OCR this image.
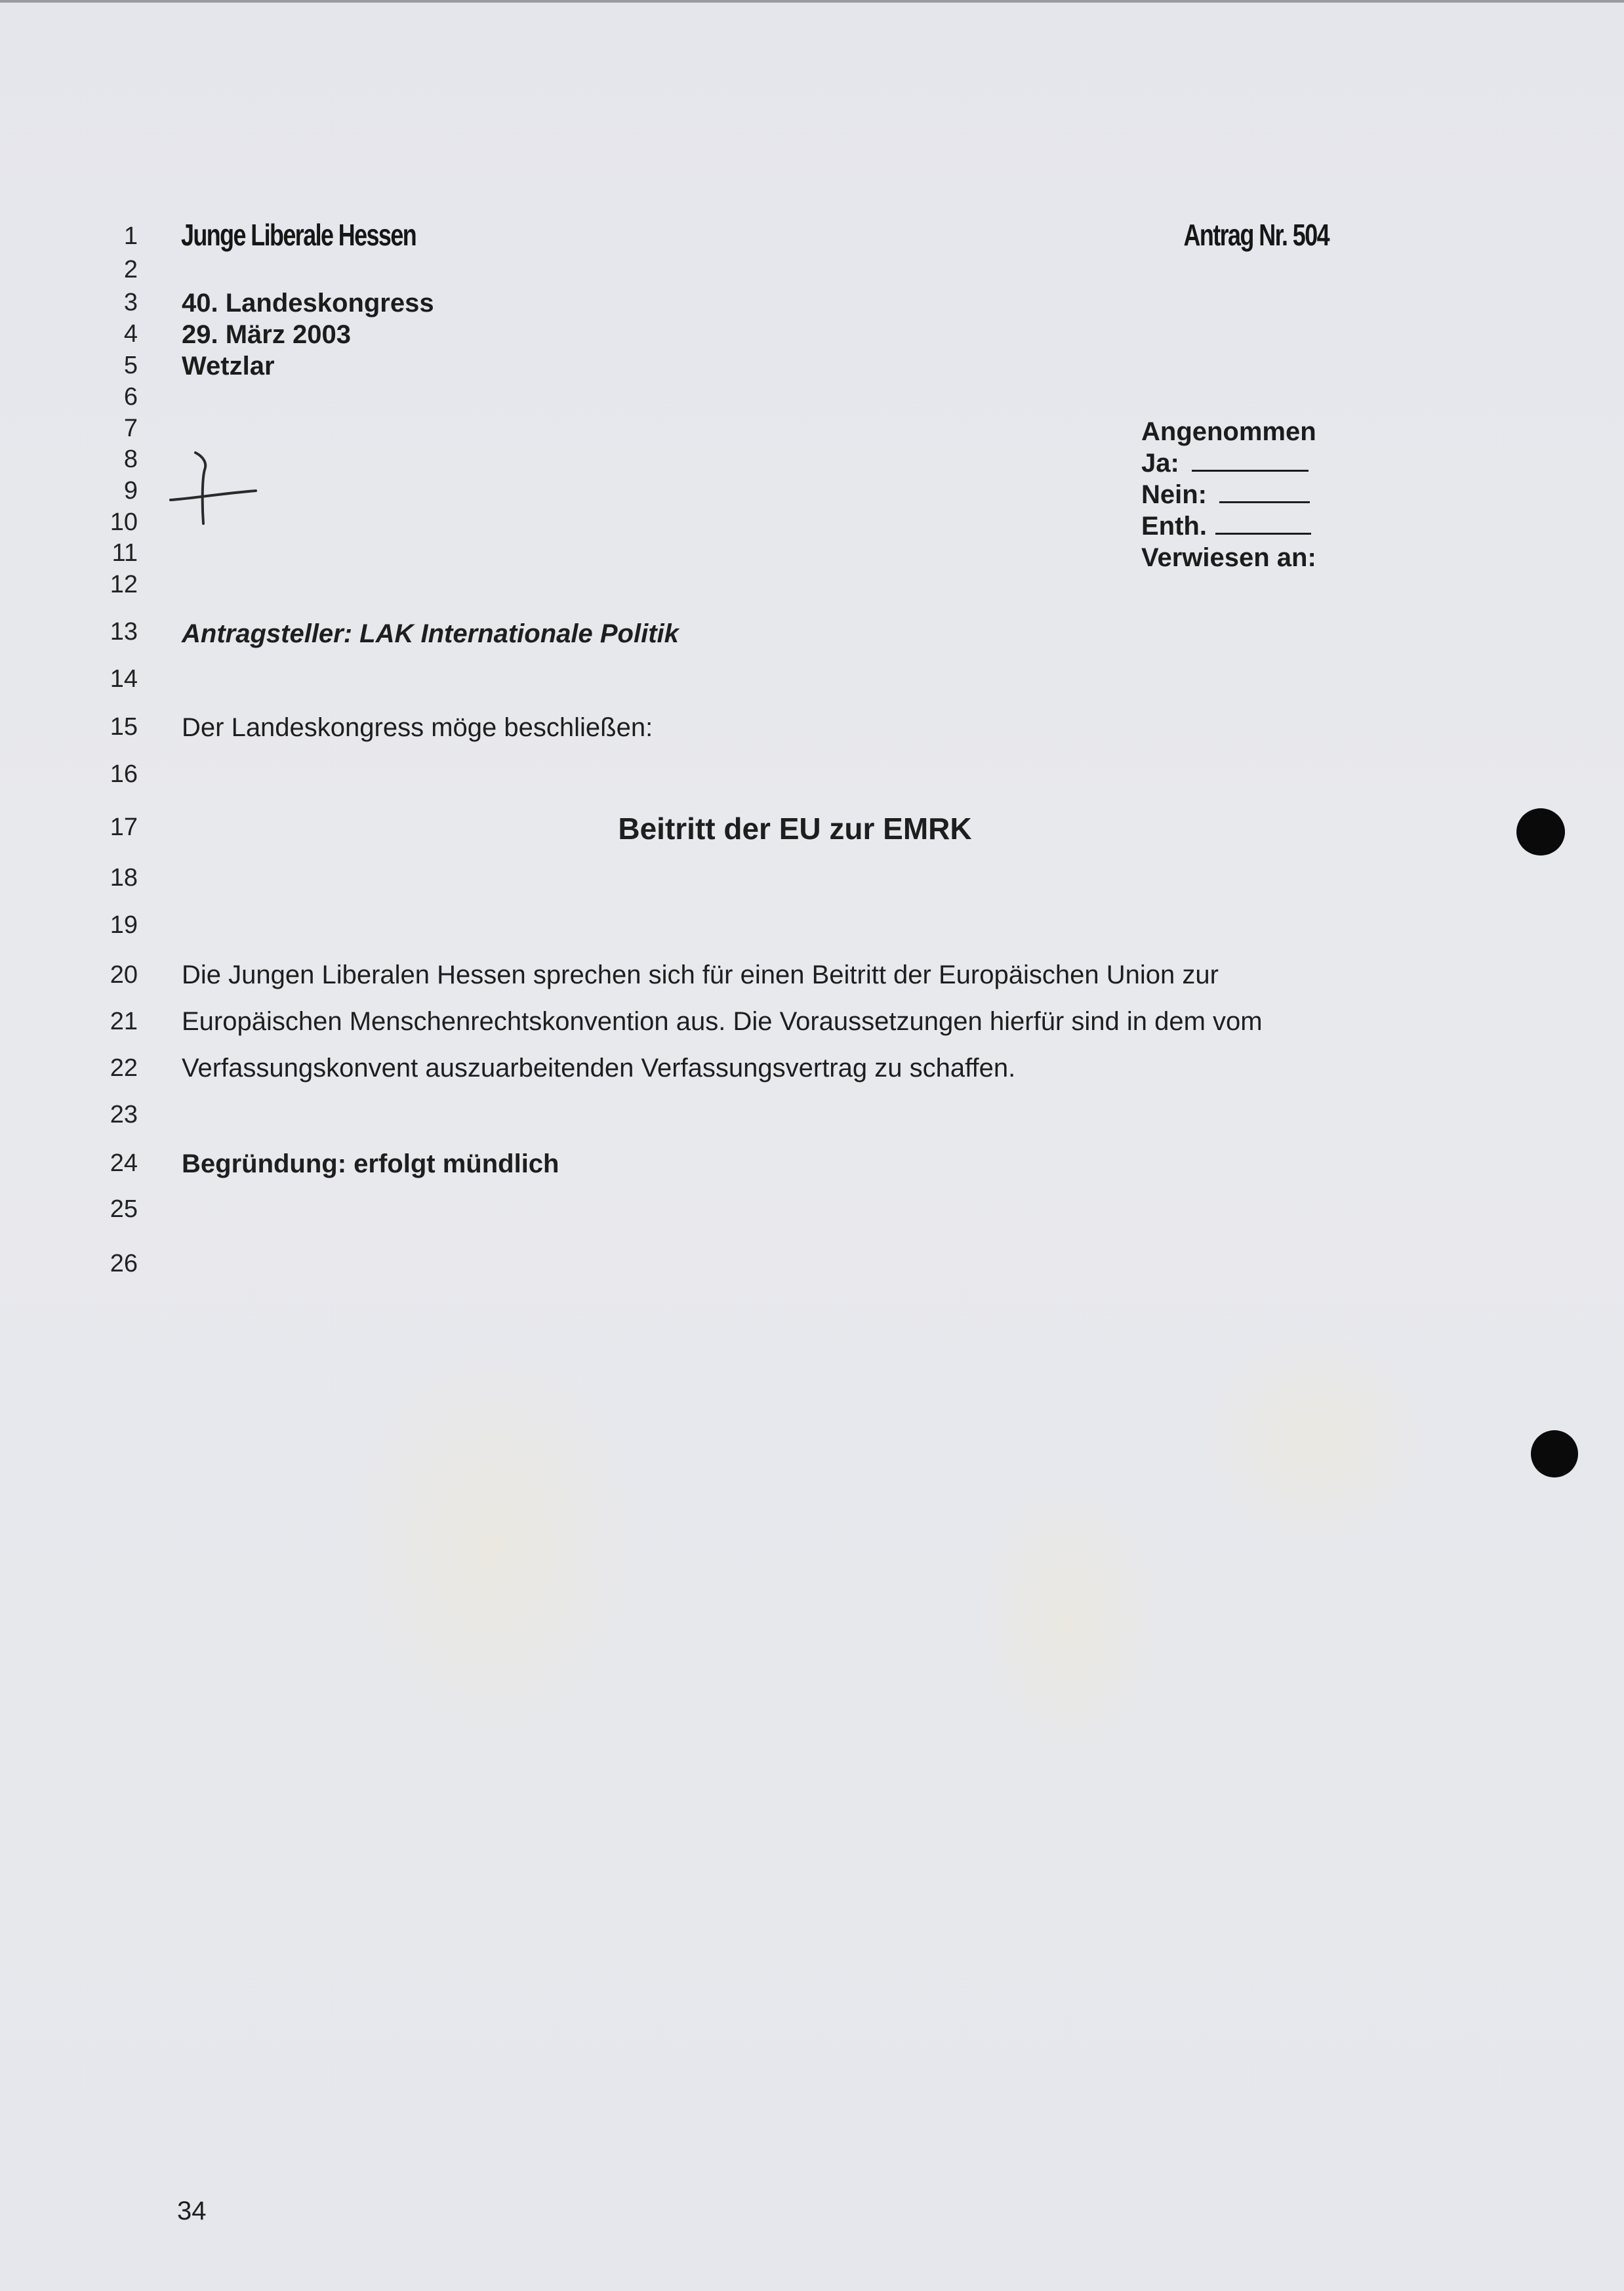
1
2
3
4
5
6
7
8
9
10
11
12
13
14
15
16
17
18
19
20
21
22
23
24
25
26
Junge Liberale Hessen	Antrag Nr. 504
40. Landeskongress
29. März 2003
Wetzlar
Angenommen
Ja:
Nein:
Enth.
Verwiesen an:
Antragsteller: LAK Internationale Politik
Der Landeskongress möge beschließen:
Beitritt der EU zur EMRK
Die Jungen Liberalen Hessen sprechen sich für einen Beitritt der Europäischen Union zur
Europäischen Menschenrechtskonvention aus. Die Voraussetzungen hierfür sind in dem vom
Verfassungskonvent auszuarbeitenden Verfassungsvertrag zu schaffen.
Begründung: erfolgt mündlich
34
